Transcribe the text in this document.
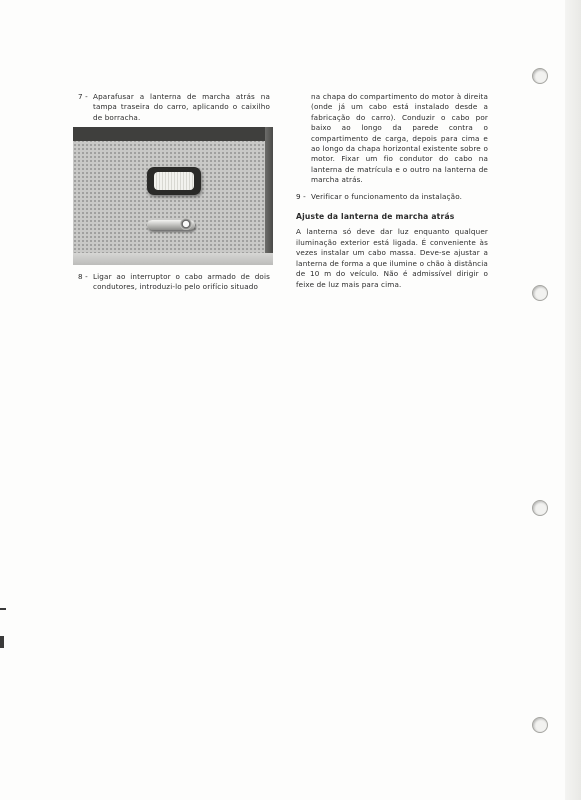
7 - Aparafusar a lanterna de marcha atrás na tampa traseira do carro, aplicando o caixilho de borracha.

8 - Ligar ao interruptor o cabo armado de dois condutores, introduzi-lo pelo orifício situado

na chapa do compartimento do motor à direita (onde já um cabo está instalado desde a fabricação do carro). Conduzir o cabo por baixo ao longo da parede contra o compartimento de carga, depois para cima e ao longo da chapa horizontal existente sobre o motor. Fixar um fio condutor do cabo na lanterna de matrícula e o outro na lanterna de marcha atrás.

9 - Verificar o funcionamento da instalação.

Ajuste da lanterna de marcha atrás

A lanterna só deve dar luz enquanto qualquer iluminação exterior está ligada. É conveniente às vezes instalar um cabo massa. Deve-se ajustar a lanterna de forma a que ilumine o chão à distância de 10 m do veículo. Não é admissível dirigir o feixe de luz mais para cima.
